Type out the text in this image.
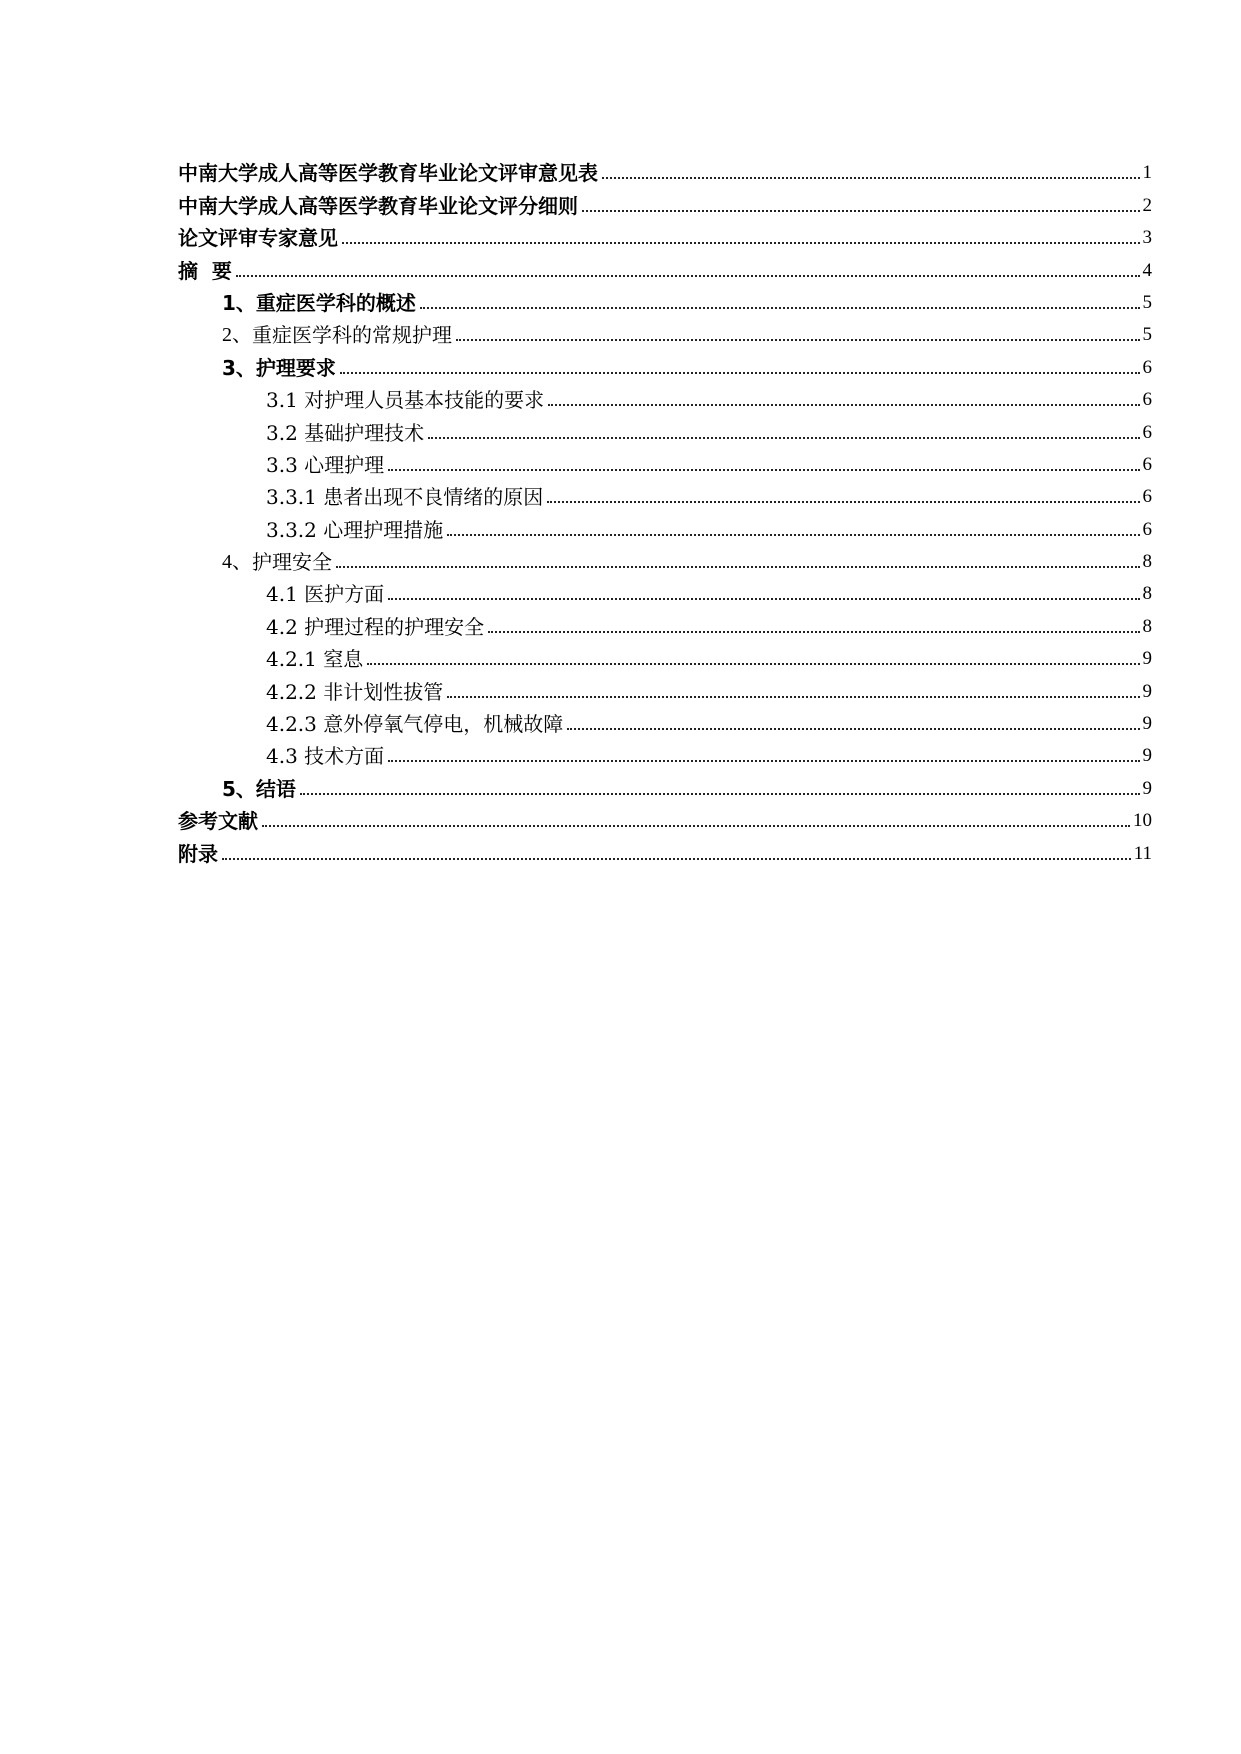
中南大学成人高等医学教育毕业论文评审意见表	1
中南大学成人高等医学教育毕业论文评分细则	2
论文评审专家意见	3
摘  要	4
1、 重症医学科的概述	5
2、 重症医学科的常规护理	5
3、 护理要求	6
3.1 对护理人员基本技能的要求	6
3.2 基础护理技术	6
3.3 心理护理	6
3.3.1 患者出现不良情绪的原因	6
3.3.2 心理护理措施	6
4、 护理安全	8
4.1 医护方面	8
4.2 护理过程的护理安全	8
4.2.1 窒息	9
4.2.2 非计划性拔管	9
4.2.3 意外停氧气停电，机械故障	9
4.3 技术方面	9
5、 结语	9
参考文献	10
附录	11
